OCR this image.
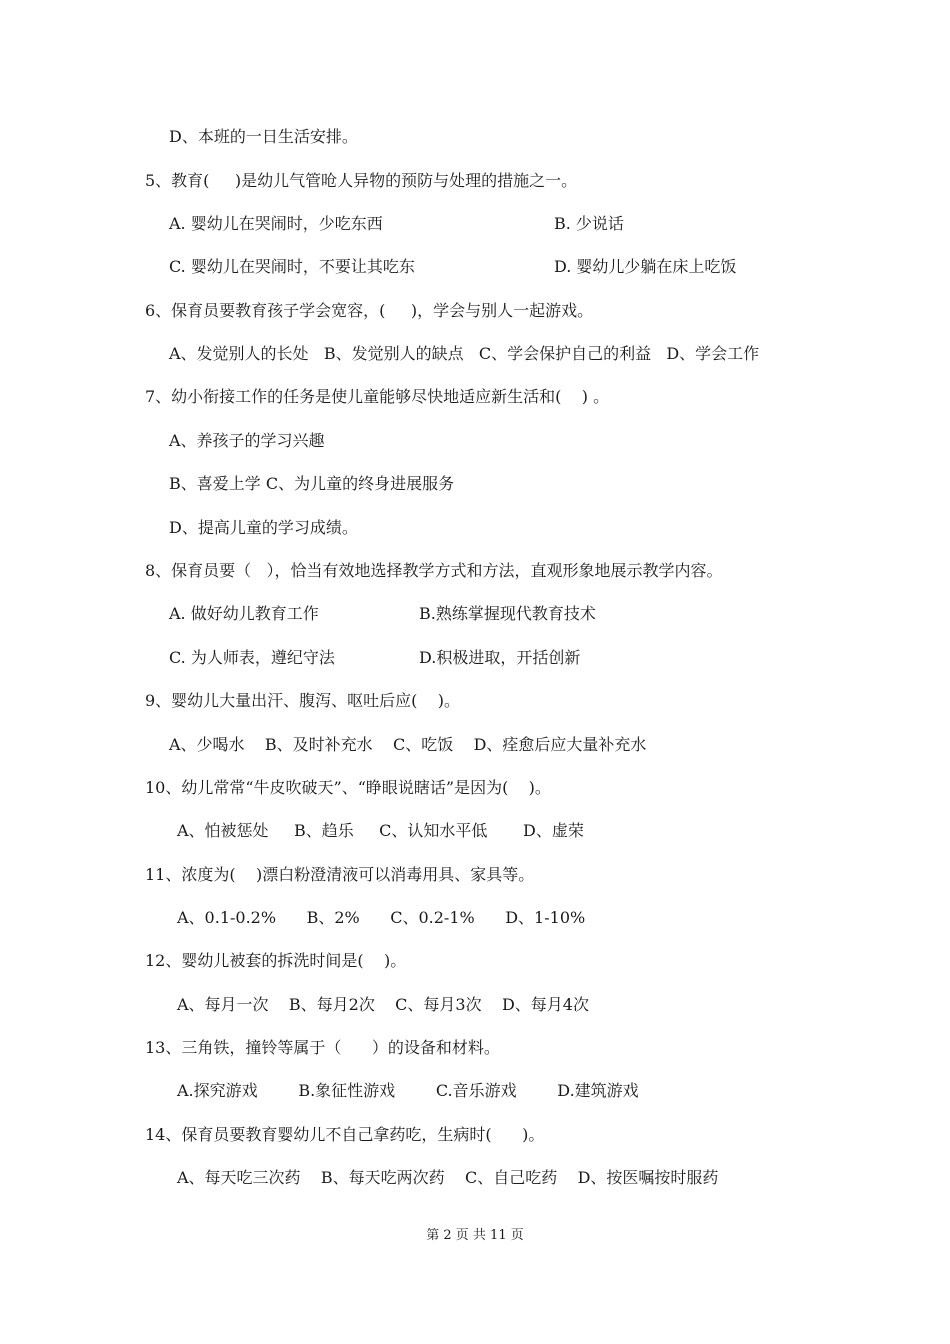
D、本班的一日生活安排。
5、教育(     )是幼儿气管呛人异物的预防与处理的措施之一。
A. 婴幼儿在哭闹时，少吃东西	B. 少说话
C. 婴幼儿在哭闹时，不要让其吃东	D. 婴幼儿少躺在床上吃饭
6、保育员要教育孩子学会宽容，(     )，学会与别人一起游戏。
A、发觉别人的长处   B、发觉别人的缺点   C、学会保护自己的利益   D、学会工作
7、幼小衔接工作的任务是使儿童能够尽快地适应新生活和(    ) 。
A、养孩子的学习兴趣
B、喜爱上学 C、为儿童的终身进展服务
D、提高儿童的学习成绩。
8、保育员要（   ），恰当有效地选择教学方式和方法，直观形象地展示教学内容。
A. 做好幼儿教育工作	B.熟练掌握现代教育技术
C. 为人师表，遵纪守法	D.积极进取，开括创新
9、婴幼儿大量出汗、腹泻、呕吐后应(    )。
A、少喝水    B、及时补充水    C、吃饭    D、痊愈后应大量补充水
10、幼儿常常“牛皮吹破天”、“睁眼说瞎话”是因为(    )。
A、怕被惩处     B、趋乐     C、认知水平低       D、虚荣
11、浓度为(    )漂白粉澄清液可以消毒用具、家具等。
A、0.1-0.2%      B、2%      C、0.2-1%      D、1-10%
12、婴幼儿被套的拆洗时间是(    )。
A、每月一次    B、每月2次    C、每月3次    D、每月4次
13、三角铁，撞铃等属于（      ）的设备和材料。
A.探究游戏        B.象征性游戏        C.音乐游戏        D.建筑游戏
14、保育员要教育婴幼儿不自己拿药吃，生病时(      )。
A、每天吃三次药    B、每天吃两次药    C、自己吃药    D、按医嘱按时服药
第 2 页 共 11 页
